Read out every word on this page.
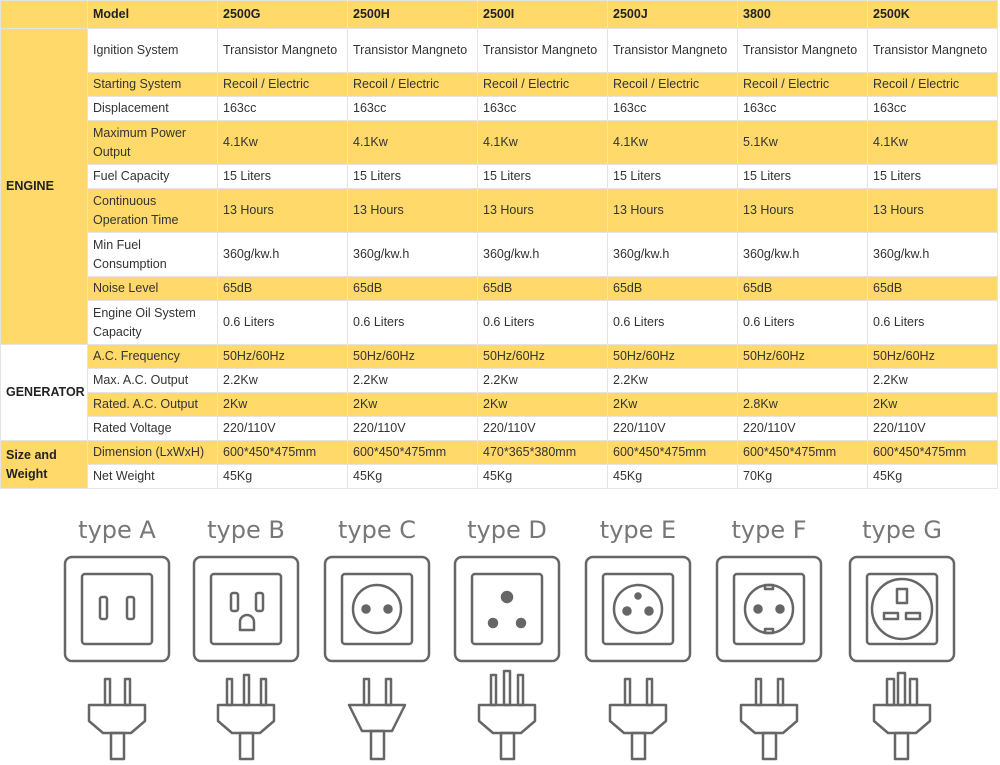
	Model	2500G	2500H	2500I	2500J	3800	2500K
ENGINE	Ignition System	Transistor Mangneto	Transistor Mangneto	Transistor Mangneto	Transistor Mangneto	Transistor Mangneto	Transistor Mangneto
	Starting System	Recoil / Electric	Recoil / Electric	Recoil / Electric	Recoil / Electric	Recoil / Electric	Recoil / Electric
	Displacement	163cc	163cc	163cc	163cc	163cc	163cc
	Maximum Power Output	4.1Kw	4.1Kw	4.1Kw	4.1Kw	5.1Kw	4.1Kw
	Fuel Capacity	15 Liters	15 Liters	15 Liters	15 Liters	15 Liters	15 Liters
	Continuous Operation Time	13 Hours	13 Hours	13 Hours	13 Hours	13 Hours	13 Hours
	Min Fuel Consumption	360g/kw.h	360g/kw.h	360g/kw.h	360g/kw.h	360g/kw.h	360g/kw.h
	Noise Level	65dB	65dB	65dB	65dB	65dB	65dB
	Engine Oil System Capacity	0.6 Liters	0.6 Liters	0.6 Liters	0.6 Liters	0.6 Liters	0.6 Liters
GENERATOR	A.C. Frequency	50Hz/60Hz	50Hz/60Hz	50Hz/60Hz	50Hz/60Hz	50Hz/60Hz	50Hz/60Hz
	Max. A.C. Output	2.2Kw	2.2Kw	2.2Kw	2.2Kw		2.2Kw
	Rated. A.C. Output	2Kw	2Kw	2Kw	2Kw	2.8Kw	2Kw
	Rated Voltage	220/110V	220/110V	220/110V	220/110V	220/110V	220/110V
Size and Weight	Dimension (LxWxH)	600*450*475mm	600*450*475mm	470*365*380mm	600*450*475mm	600*450*475mm	600*450*475mm
	Net Weight	45Kg	45Kg	45Kg	45Kg	70Kg	45Kg
type A type B type C type D type E type F type G
